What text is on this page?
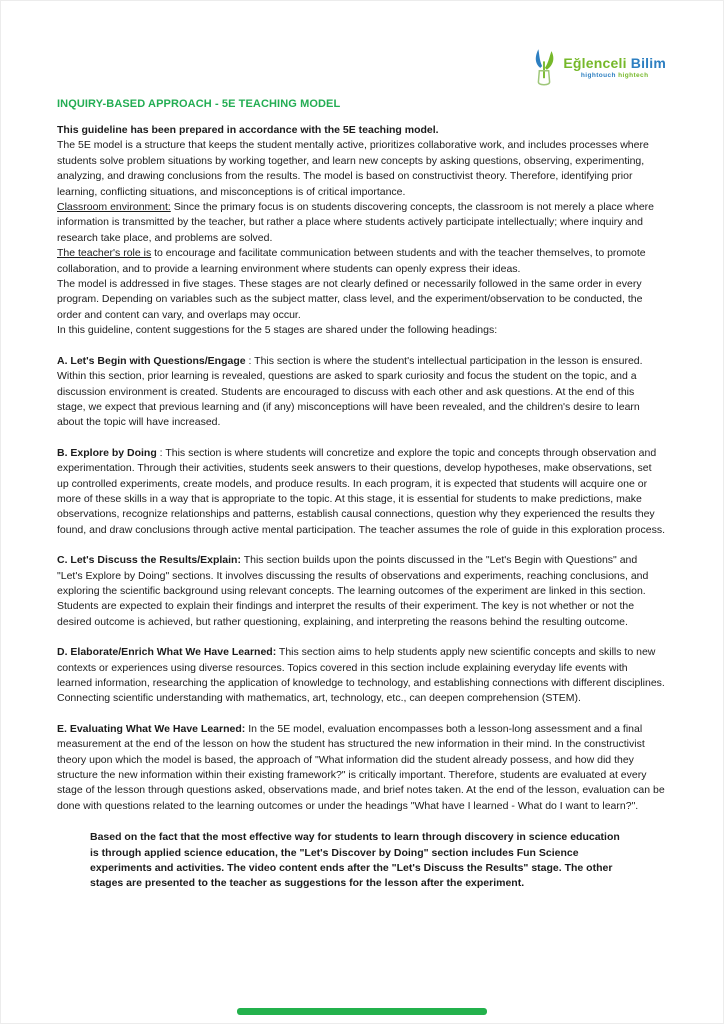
Eğlenceli Bilim
hightouch hightech
INQUIRY-BASED APPROACH - 5E TEACHING MODEL

This guideline has been prepared in accordance with the 5E teaching model.

The 5E model is a structure that keeps the student mentally active, prioritizes collaborative work, and includes processes where students solve problem situations by working together, and learn new concepts by asking questions, observing, experimenting, analyzing, and drawing conclusions from the results. The model is based on constructivist theory. Therefore, identifying prior learning, conflicting situations, and misconceptions is of critical importance.

Classroom environment: Since the primary focus is on students discovering concepts, the classroom is not merely a place where information is transmitted by the teacher, but rather a place where students actively participate intellectually; where inquiry and research take place, and problems are solved.

The teacher's role is to encourage and facilitate communication between students and with the teacher themselves, to promote collaboration, and to provide a learning environment where students can openly express their ideas.

The model is addressed in five stages. These stages are not clearly defined or necessarily followed in the same order in every program. Depending on variables such as the subject matter, class level, and the experiment/observation to be conducted, the order and content can vary, and overlaps may occur.

In this guideline, content suggestions for the 5 stages are shared under the following headings:

A. Let's Begin with Questions/Engage : This section is where the student's intellectual participation in the lesson is ensured. Within this section, prior learning is revealed, questions are asked to spark curiosity and focus the student on the topic, and a discussion environment is created. Students are encouraged to discuss with each other and ask questions. At the end of this stage, we expect that previous learning and (if any) misconceptions will have been revealed, and the children's desire to learn about the topic will have increased.

B. Explore by Doing : This section is where students will concretize and explore the topic and concepts through observation and experimentation. Through their activities, students seek answers to their questions, develop hypotheses, make observations, set up controlled experiments, create models, and produce results. In each program, it is expected that students will acquire one or more of these skills in a way that is appropriate to the topic. At this stage, it is essential for students to make predictions, make observations, recognize relationships and patterns, establish causal connections, question why they experienced the results they found, and draw conclusions through active mental participation. The teacher assumes the role of guide in this exploration process.

C. Let's Discuss the Results/Explain: This section builds upon the points discussed in the "Let's Begin with Questions" and "Let's Explore by Doing" sections. It involves discussing the results of observations and experiments, reaching conclusions, and exploring the scientific background using relevant concepts. The learning outcomes of the experiment are linked in this section. Students are expected to explain their findings and interpret the results of their experiment. The key is not whether or not the desired outcome is achieved, but rather questioning, explaining, and interpreting the reasons behind the resulting outcome.

D. Elaborate/Enrich What We Have Learned: This section aims to help students apply new scientific concepts and skills to new contexts or experiences using diverse resources. Topics covered in this section include explaining everyday life events with learned information, researching the application of knowledge to technology, and establishing connections with different disciplines. Connecting scientific understanding with mathematics, art, technology, etc., can deepen comprehension (STEM).

E. Evaluating What We Have Learned: In the 5E model, evaluation encompasses both a lesson-long assessment and a final measurement at the end of the lesson on how the student has structured the new information in their mind. In the constructivist theory upon which the model is based, the approach of "What information did the student already possess, and how did they structure the new information within their existing framework?" is critically important. Therefore, students are evaluated at every stage of the lesson through questions asked, observations made, and brief notes taken. At the end of the lesson, evaluation can be done with questions related to the learning outcomes or under the headings "What have I learned - What do I want to learn?".

Based on the fact that the most effective way for students to learn through discovery in science education is through applied science education, the "Let's Discover by Doing" section includes Fun Science experiments and activities. The video content ends after the "Let's Discuss the Results" stage. The other stages are presented to the teacher as suggestions for the lesson after the experiment.
